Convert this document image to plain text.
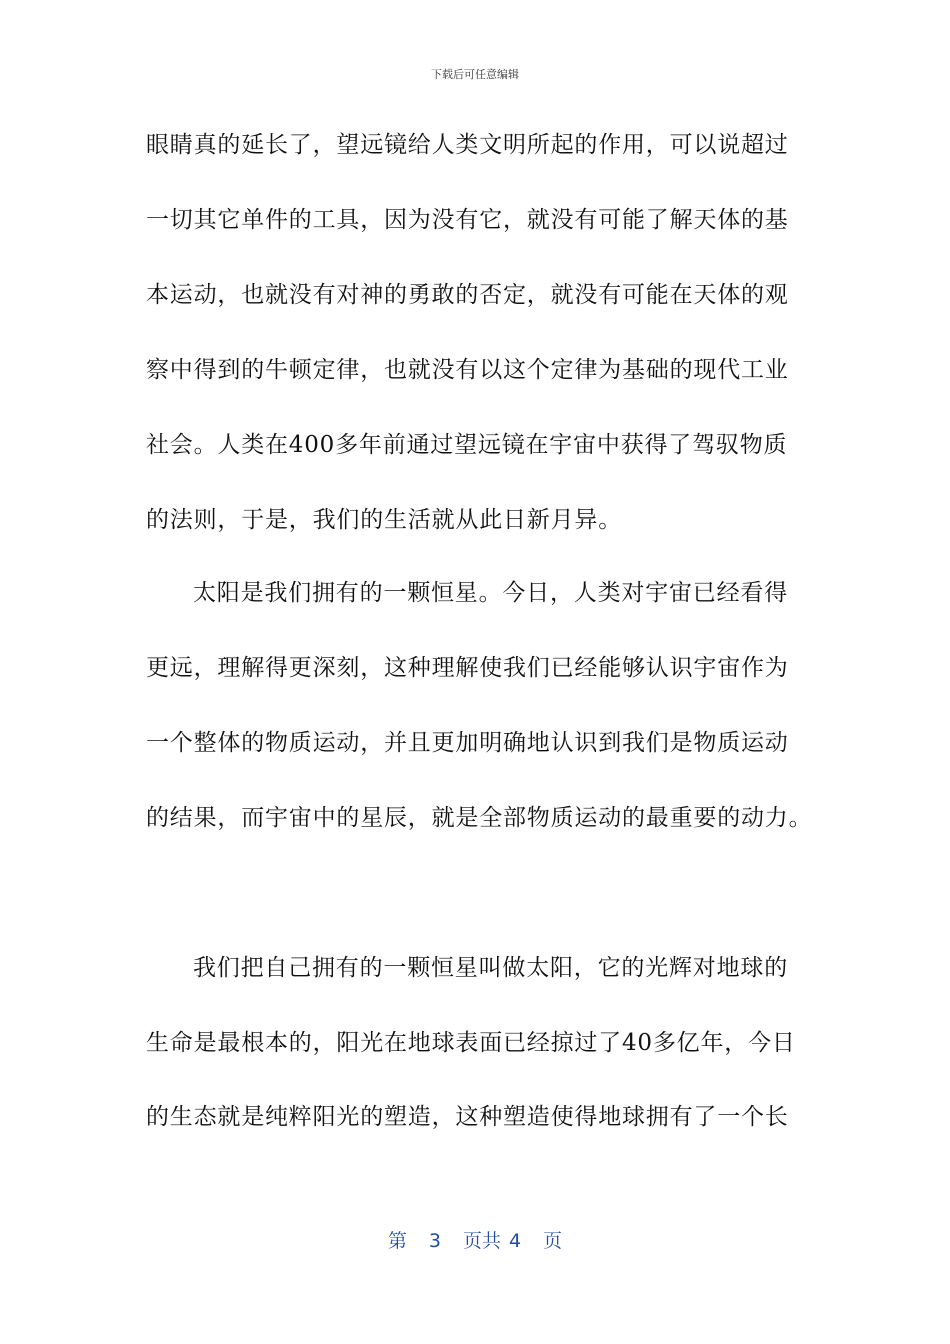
下载后可任意编辑
眼睛真的延长了，望远镜给人类文明所起的作用，可以说超过
一切其它单件的工具，因为没有它，就没有可能了解天体的基
本运动，也就没有对神的勇敢的否定，就没有可能在天体的观
察中得到的牛顿定律，也就没有以这个定律为基础的现代工业
社会。人类在400多年前通过望远镜在宇宙中获得了驾驭物质
的法则，于是，我们的生活就从此日新月异。
太阳是我们拥有的一颗恒星。今日，人类对宇宙已经看得
更远，理解得更深刻，这种理解使我们已经能够认识宇宙作为
一个整体的物质运动，并且更加明确地认识到我们是物质运动
的结果，而宇宙中的星辰，就是全部物质运动的最重要的动力。
我们把自己拥有的一颗恒星叫做太阳，它的光辉对地球的
生命是最根本的，阳光在地球表面已经掠过了40多亿年，今日
的生态就是纯粹阳光的塑造，这种塑造使得地球拥有了一个长
第 3 页共 4 页
